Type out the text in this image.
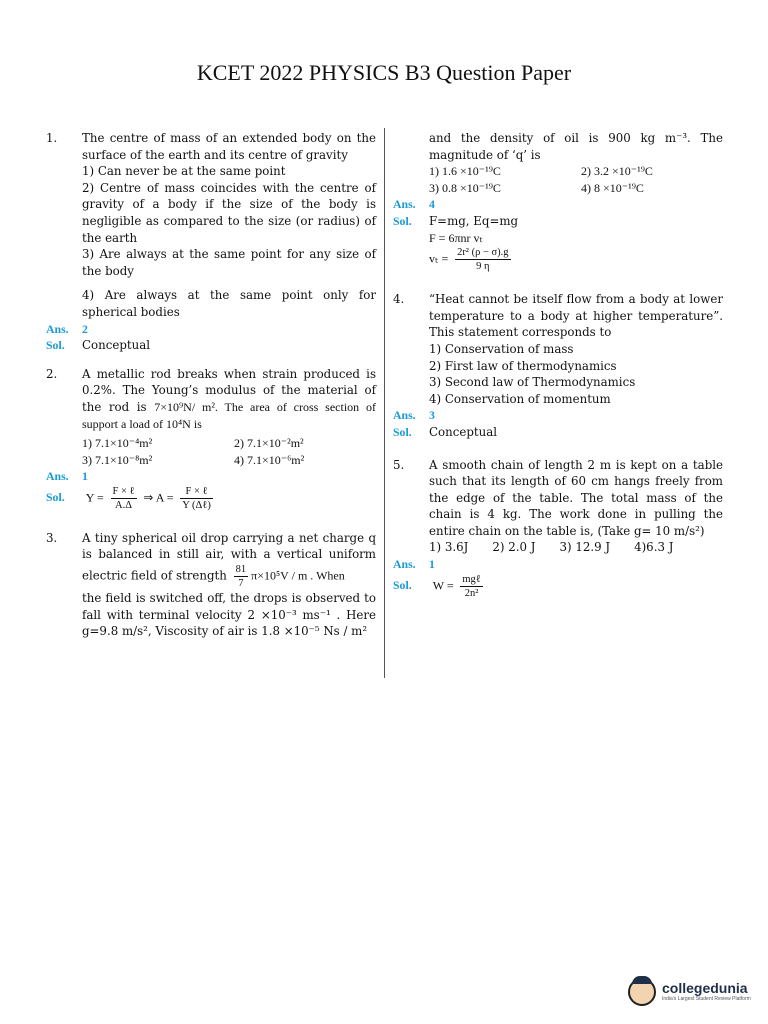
KCET 2022 PHYSICS B3 Question Paper
1. The centre of mass of an extended body on the surface of the earth and its centre of gravity
1) Can never be at the same point
2) Centre of mass coincides with the centre of gravity of a body if the size of the body is negligible as compared to the size (or radius) of the earth
3) Are always at the same point for any size of the body
4) Are always at the same point only for spherical bodies
Ans. 2
Sol. Conceptual
2. A metallic rod breaks when strain produced is 0.2%. The Young’s modulus of the material of the rod is 7×10⁹N/ m². The area of cross section of support a load of 10⁴N is
1) 7.1×10⁻⁴m²	2) 7.1×10⁻²m²
3) 7.1×10⁻⁸m²	4) 7.1×10⁻⁶m²
Ans. 1
Sol. $Y = \frac{\text{F × ℓ}}{A.\Delta}$ ⇒ $A = \frac{\text{F × ℓ}}{\text{Y (Δℓ)}}$
3. A tiny spherical oil drop carrying a net charge q is balanced in still air, with a vertical uniform electric field of strength $\frac{81}{7} \pi\times 10^5V / m$ . When
the field is switched off, the drops is observed to fall with terminal velocity 2 ×10⁻³ ms⁻¹ . Here g=9.8 m/s², Viscosity of air is 1.8 ×10⁻⁵ Ns / m²
and the density of oil is 900 kg m⁻³. The magnitude of ‘q’ is
1) 1.6 ×10⁻¹⁹C	2) 3.2 ×10⁻¹⁹C
3) 0.8 ×10⁻¹⁹C	4) 8 ×10⁻¹⁹C
Ans. 4
Sol. F=mg, Eq=mg
F = 6πnr vₜ
$v_t = \frac{\text{2r² (ρ − σ).g}}{9 \eta}$
4. “Heat cannot be itself flow from a body at lower temperature to a body at higher temperature”. This statement corresponds to
1) Conservation of mass
2) First law of thermodynamics
3) Second law of Thermodynamics
4) Conservation of momentum
Ans. 3
Sol. Conceptual
5. A smooth chain of length 2 m is kept on a table such that its length of 60 cm hangs freely from the edge of the table. The total mass of the chain is 4 kg. The work done in pulling the entire chain on the table is, (Take g= 10 m/s²)
1) 3.6J 2) 2.0 J 3) 12.9 J 4)6.3 J
Ans. 1
Sol. $W = \frac{\text{mgℓ}}{\text{2n²}}$
collegedunia
India's Largest Student Review Platform
